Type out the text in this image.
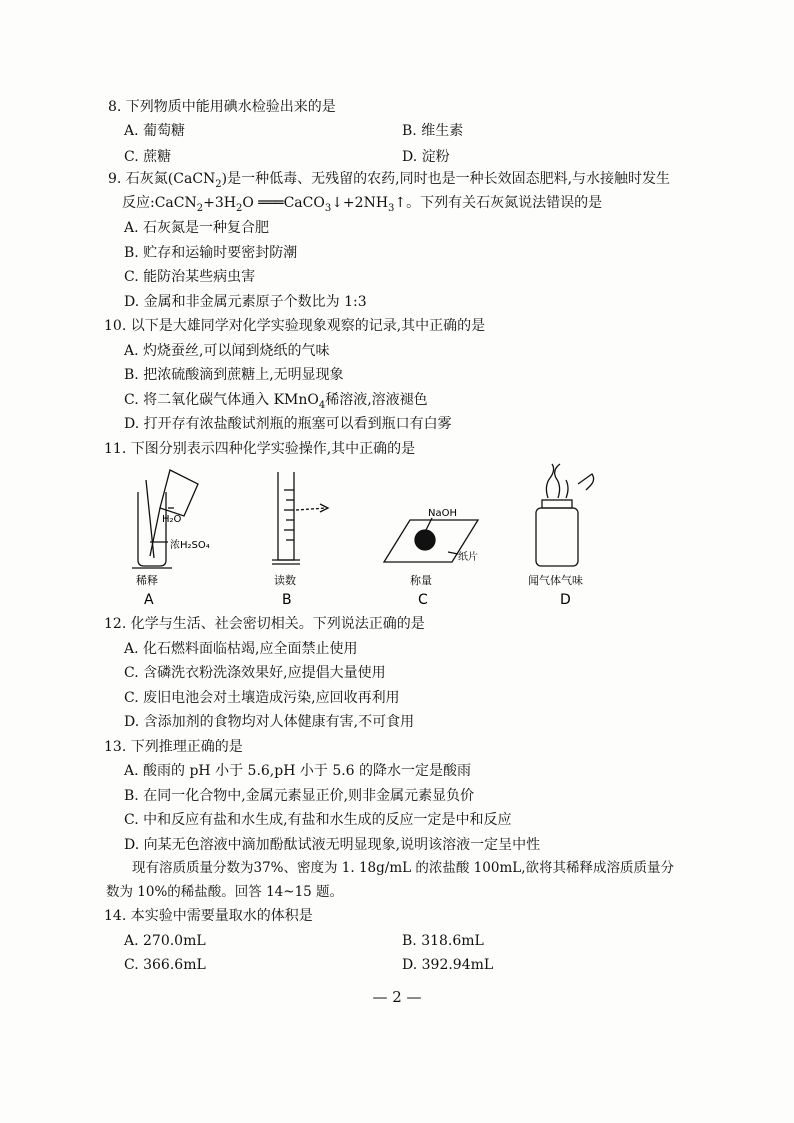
8. 下列物质中能用碘水检验出来的是
A. 葡萄糖	B. 维生素
C. 蔗糖	D. 淀粉
9. 石灰氮(CaCN$_2$)是一种低毒、无残留的农药,同时也是一种长效固态肥料,与水接触时发生
反应$:CaCN_2+3H_2O$ $═══CaCO_3↓+2NH_3↑$。下列有关石灰氮说法错误的是
A. 石灰氮是一种复合肥
B. 贮存和运输时要密封防潮
C. 能防治某些病虫害
D. 金属和非金属元素原子个数比为 1:3
10. 以下是大雄同学对化学实验现象观察的记录,其中正确的是
A. 灼烧蚕丝,可以闻到烧纸的气味
B. 把浓硫酸滴到蔗糖上,无明显现象
C. 将二氧化碳气体通入 KMnO$_4$稀溶液,溶液褪色
D. 打开存有浓盐酸试剂瓶的瓶塞可以看到瓶口有白雾
11. 下图分别表示四种化学实验操作,其中正确的是
H₂O
浓H₂SO₄
稀释
A
读数
B
NaOH
纸片
称量
C
闻气体气味
D
12. 化学与生活、社会密切相关。下列说法正确的是
A. 化石燃料面临枯竭,应全面禁止使用
C. 含磷洗衣粉洗涤效果好,应提倡大量使用
C. 废旧电池会对土壤造成污染,应回收再利用
D. 含添加剂的食物均对人体健康有害,不可食用
13. 下列推理正确的是
A. 酸雨的 pH 小于 5.6,pH 小于 5.6 的降水一定是酸雨
B. 在同一化合物中,金属元素显正价,则非金属元素显负价
C. 中和反应有盐和水生成,有盐和水生成的反应一定是中和反应
D. 向某无色溶液中滴加酚酞试液无明显现象,说明该溶液一定呈中性
现有溶质质量分数为37%、密度为 1. 18g/mL 的浓盐酸 100mL,欲将其稀释成溶质质量分
数为 10%的稀盐酸。回答 14~15 题。
14. 本实验中需要量取水的体积是
A. 270.0mL	B. 318.6mL
C. 366.6mL	D. 392.94mL
— 2 —
